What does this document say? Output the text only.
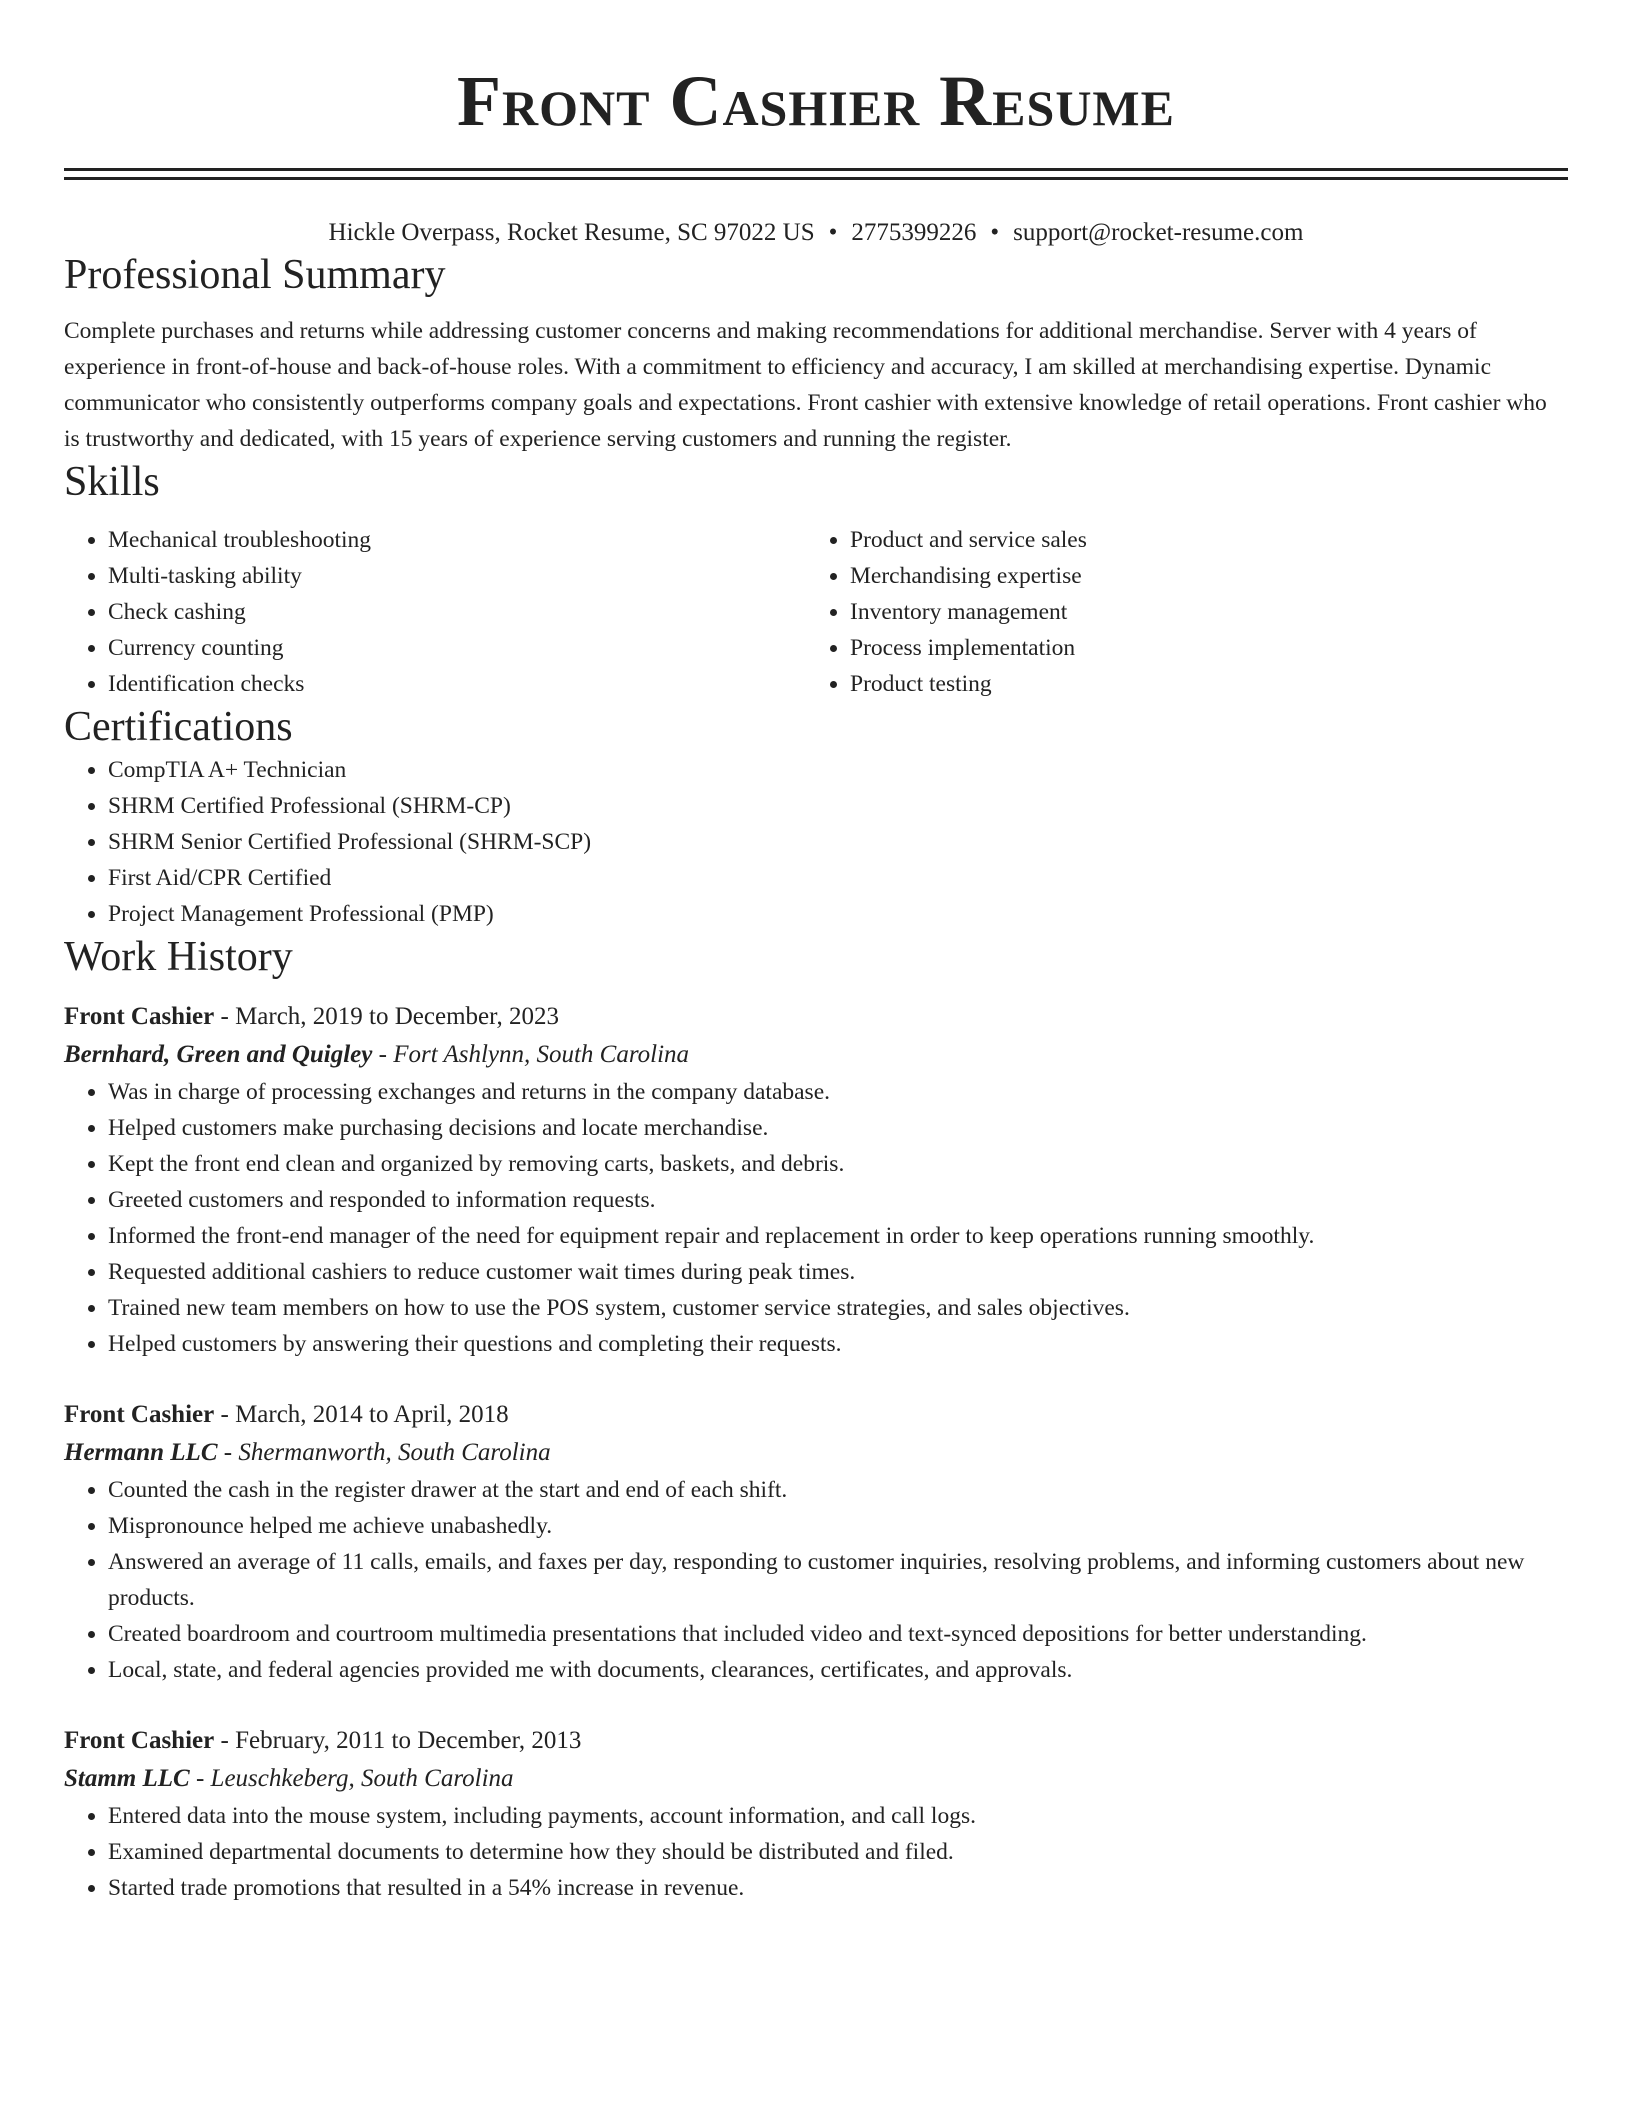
Front Cashier Resume
Hickle Overpass, Rocket Resume, SC 97022 US • 2775399226 • support@rocket-resume.com
Professional Summary

Complete purchases and returns while addressing customer concerns and making recommendations for additional merchandise. Server with 4 years of experience in front-of-house and back-of-house roles. With a commitment to efficiency and accuracy, I am skilled at merchandising expertise. Dynamic communicator who consistently outperforms company goals and expectations. Front cashier with extensive knowledge of retail operations. Front cashier who is trustworthy and dedicated, with 15 years of experience serving customers and running the register.

Skills
• Mechanical troubleshooting
• Multi-tasking ability
• Check cashing
• Currency counting
• Identification checks
• Product and service sales
• Merchandising expertise
• Inventory management
• Process implementation
• Product testing
Certifications
• CompTIA A+ Technician
• SHRM Certified Professional (SHRM-CP)
• SHRM Senior Certified Professional (SHRM-SCP)
• First Aid/CPR Certified
• Project Management Professional (PMP)
Work History
Front Cashier - March, 2019 to December, 2023
Bernhard, Green and Quigley - Fort Ashlynn, South Carolina
• Was in charge of processing exchanges and returns in the company database.
• Helped customers make purchasing decisions and locate merchandise.
• Kept the front end clean and organized by removing carts, baskets, and debris.
• Greeted customers and responded to information requests.
• Informed the front-end manager of the need for equipment repair and replacement in order to keep operations running smoothly.
• Requested additional cashiers to reduce customer wait times during peak times.
• Trained new team members on how to use the POS system, customer service strategies, and sales objectives.
• Helped customers by answering their questions and completing their requests.
Front Cashier - March, 2014 to April, 2018
Hermann LLC - Shermanworth, South Carolina
• Counted the cash in the register drawer at the start and end of each shift.
• Mispronounce helped me achieve unabashedly.
• Answered an average of 11 calls, emails, and faxes per day, responding to customer inquiries, resolving problems, and informing customers about new products.
• Created boardroom and courtroom multimedia presentations that included video and text-synced depositions for better understanding.
• Local, state, and federal agencies provided me with documents, clearances, certificates, and approvals.
Front Cashier - February, 2011 to December, 2013
Stamm LLC - Leuschkeberg, South Carolina
• Entered data into the mouse system, including payments, account information, and call logs.
• Examined departmental documents to determine how they should be distributed and filed.
• Started trade promotions that resulted in a 54% increase in revenue.
